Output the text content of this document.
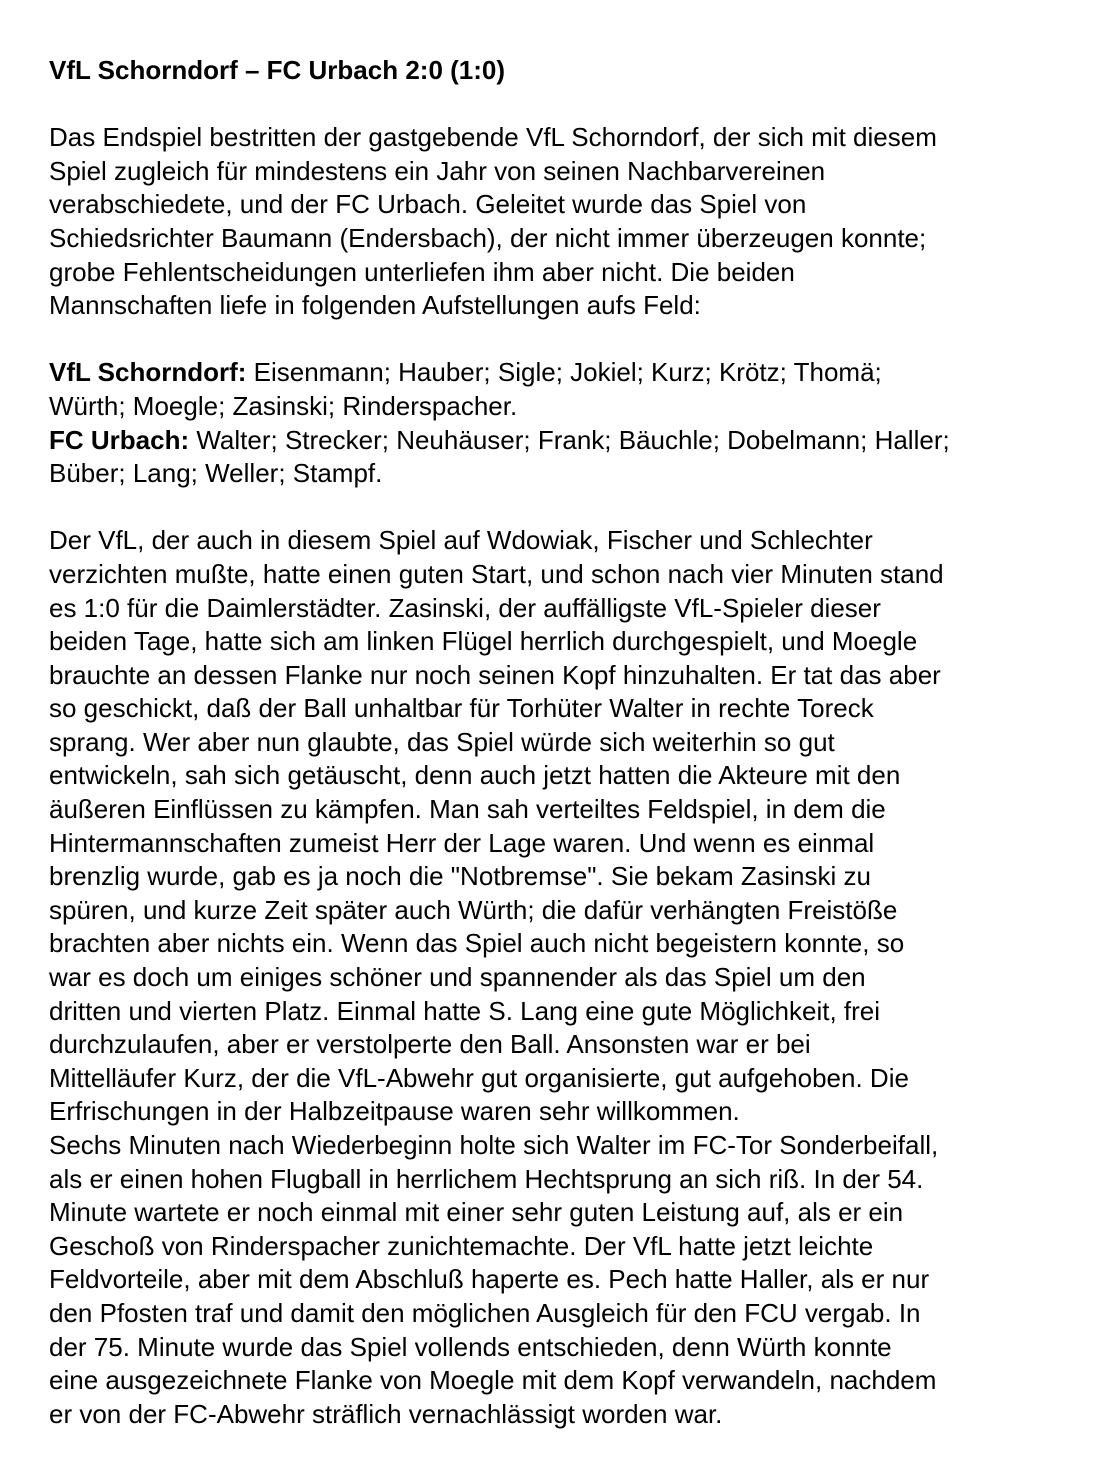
VfL Schorndorf – FC Urbach 2:0 (1:0)
Das Endspiel bestritten der gastgebende VfL Schorndorf, der sich mit diesem
Spiel zugleich für mindestens ein Jahr von seinen Nachbarvereinen
verabschiedete, und der FC Urbach. Geleitet wurde das Spiel von
Schiedsrichter Baumann (Endersbach), der nicht immer überzeugen konnte;
grobe Fehlentscheidungen unterliefen ihm aber nicht. Die beiden
Mannschaften liefe in folgenden Aufstellungen aufs Feld:
VfL Schorndorf: Eisenmann; Hauber; Sigle; Jokiel; Kurz; Krötz; Thomä;
Würth; Moegle; Zasinski; Rinderspacher.
FC Urbach: Walter; Strecker; Neuhäuser; Frank; Bäuchle; Dobelmann; Haller;
Büber; Lang; Weller; Stampf.
Der VfL, der auch in diesem Spiel auf Wdowiak, Fischer und Schlechter
verzichten mußte, hatte einen guten Start, und schon nach vier Minuten stand
es 1:0 für die Daimlerstädter. Zasinski, der auffälligste VfL-Spieler dieser
beiden Tage, hatte sich am linken Flügel herrlich durchgespielt, und Moegle
brauchte an dessen Flanke nur noch seinen Kopf hinzuhalten. Er tat das aber
so geschickt, daß der Ball unhaltbar für Torhüter Walter in rechte Toreck
sprang. Wer aber nun glaubte, das Spiel würde sich weiterhin so gut
entwickeln, sah sich getäuscht, denn auch jetzt hatten die Akteure mit den
äußeren Einflüssen zu kämpfen. Man sah verteiltes Feldspiel, in dem die
Hintermannschaften zumeist Herr der Lage waren. Und wenn es einmal
brenzlig wurde, gab es ja noch die "Notbremse". Sie bekam Zasinski zu
spüren, und kurze Zeit später auch Würth; die dafür verhängten Freistöße
brachten aber nichts ein. Wenn das Spiel auch nicht begeistern konnte, so
war es doch um einiges schöner und spannender als das Spiel um den
dritten und vierten Platz. Einmal hatte S. Lang eine gute Möglichkeit, frei
durchzulaufen, aber er verstolperte den Ball. Ansonsten war er bei
Mittelläufer Kurz, der die VfL-Abwehr gut organisierte, gut aufgehoben. Die
Erfrischungen in der Halbzeitpause waren sehr willkommen.
Sechs Minuten nach Wiederbeginn holte sich Walter im FC-Tor Sonderbeifall,
als er einen hohen Flugball in herrlichem Hechtsprung an sich riß. In der 54.
Minute wartete er noch einmal mit einer sehr guten Leistung auf, als er ein
Geschoß von Rinderspacher zunichtemachte. Der VfL hatte jetzt leichte
Feldvorteile, aber mit dem Abschluß haperte es. Pech hatte Haller, als er nur
den Pfosten traf und damit den möglichen Ausgleich für den FCU vergab. In
der 75. Minute wurde das Spiel vollends entschieden, denn Würth konnte
eine ausgezeichnete Flanke von Moegle mit dem Kopf verwandeln, nachdem
er von der FC-Abwehr sträflich vernachlässigt worden war.
